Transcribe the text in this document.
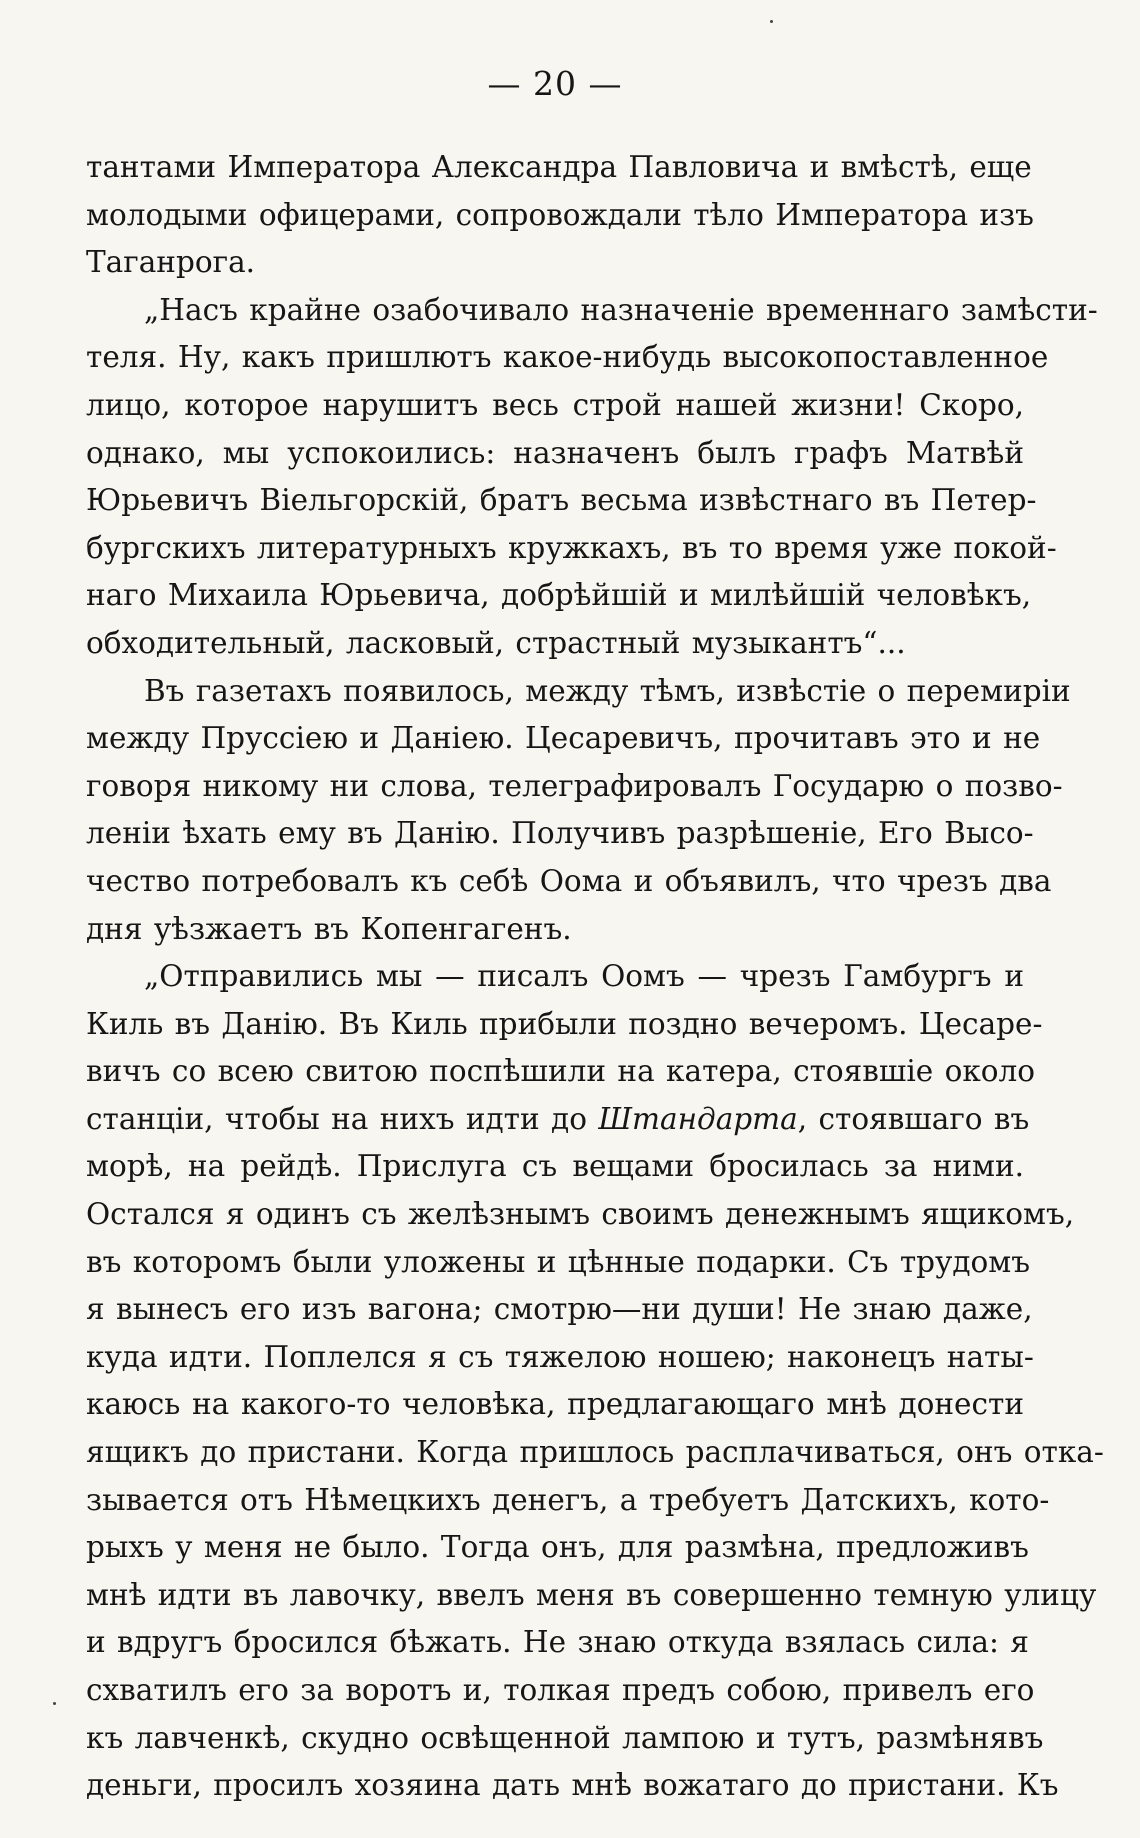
— 20 —
тантами Императора Александра Павловича и вмѣстѣ, еще
молодыми офицерами, сопровождали тѣло Императора изъ
Таганрога.
„Насъ крайне озабочивало назначеніе временнаго замѣсти-
теля. Ну, какъ пришлютъ какое-нибудь высокопоставленное
лицо, которое нарушитъ весь строй нашей жизни! Скоро,
однако, мы успокоились: назначенъ былъ графъ Матвѣй
Юрьевичъ Віельгорскій, братъ весьма извѣстнаго въ Петер-
бургскихъ литературныхъ кружкахъ, въ то время уже покой-
наго Михаила Юрьевича, добрѣйшій и милѣйшій человѣкъ,
обходительный, ласковый, страстный музыкантъ“...
Въ газетахъ появилось, между тѣмъ, извѣстіе о перемиріи
между Пруссіею и Даніею. Цесаревичъ, прочитавъ это и не
говоря никому ни слова, телеграфировалъ Государю о позво-
леніи ѣхать ему въ Данію. Получивъ разрѣшеніе, Его Высо-
чество потребовалъ къ себѣ Оома и объявилъ, что чрезъ два
дня уѣзжаетъ въ Копенгагенъ.
„Отправились мы — писалъ Оомъ — чрезъ Гамбургъ и
Киль въ Данію. Въ Киль прибыли поздно вечеромъ. Цесаре-
вичъ со всею свитою поспѣшили на катера, стоявшіе около
станціи, чтобы на нихъ идти до Штандарта, стоявшаго въ
морѣ, на рейдѣ. Прислуга съ вещами бросилась за ними.
Остался я одинъ съ желѣзнымъ своимъ денежнымъ ящикомъ,
въ которомъ были уложены и цѣнные подарки. Съ трудомъ
я вынесъ его изъ вагона; смотрю—ни души! Не знаю даже,
куда идти. Поплелся я съ тяжелою ношею; наконецъ наты-
каюсь на какого-то человѣка, предлагающаго мнѣ донести
ящикъ до пристани. Когда пришлось расплачиваться, онъ отка-
зывается отъ Нѣмецкихъ денегъ, а требуетъ Датскихъ, кото-
рыхъ у меня не было. Тогда онъ, для размѣна, предложивъ
мнѣ идти въ лавочку, ввелъ меня въ совершенно темную улицу
и вдругъ бросился бѣжать. Не знаю откуда взялась сила: я
схватилъ его за воротъ и, толкая предъ собою, привелъ его
къ лавченкѣ, скудно освѣщенной лампою и тутъ, размѣнявъ
деньги, просилъ хозяина дать мнѣ вожатаго до пристани. Къ
